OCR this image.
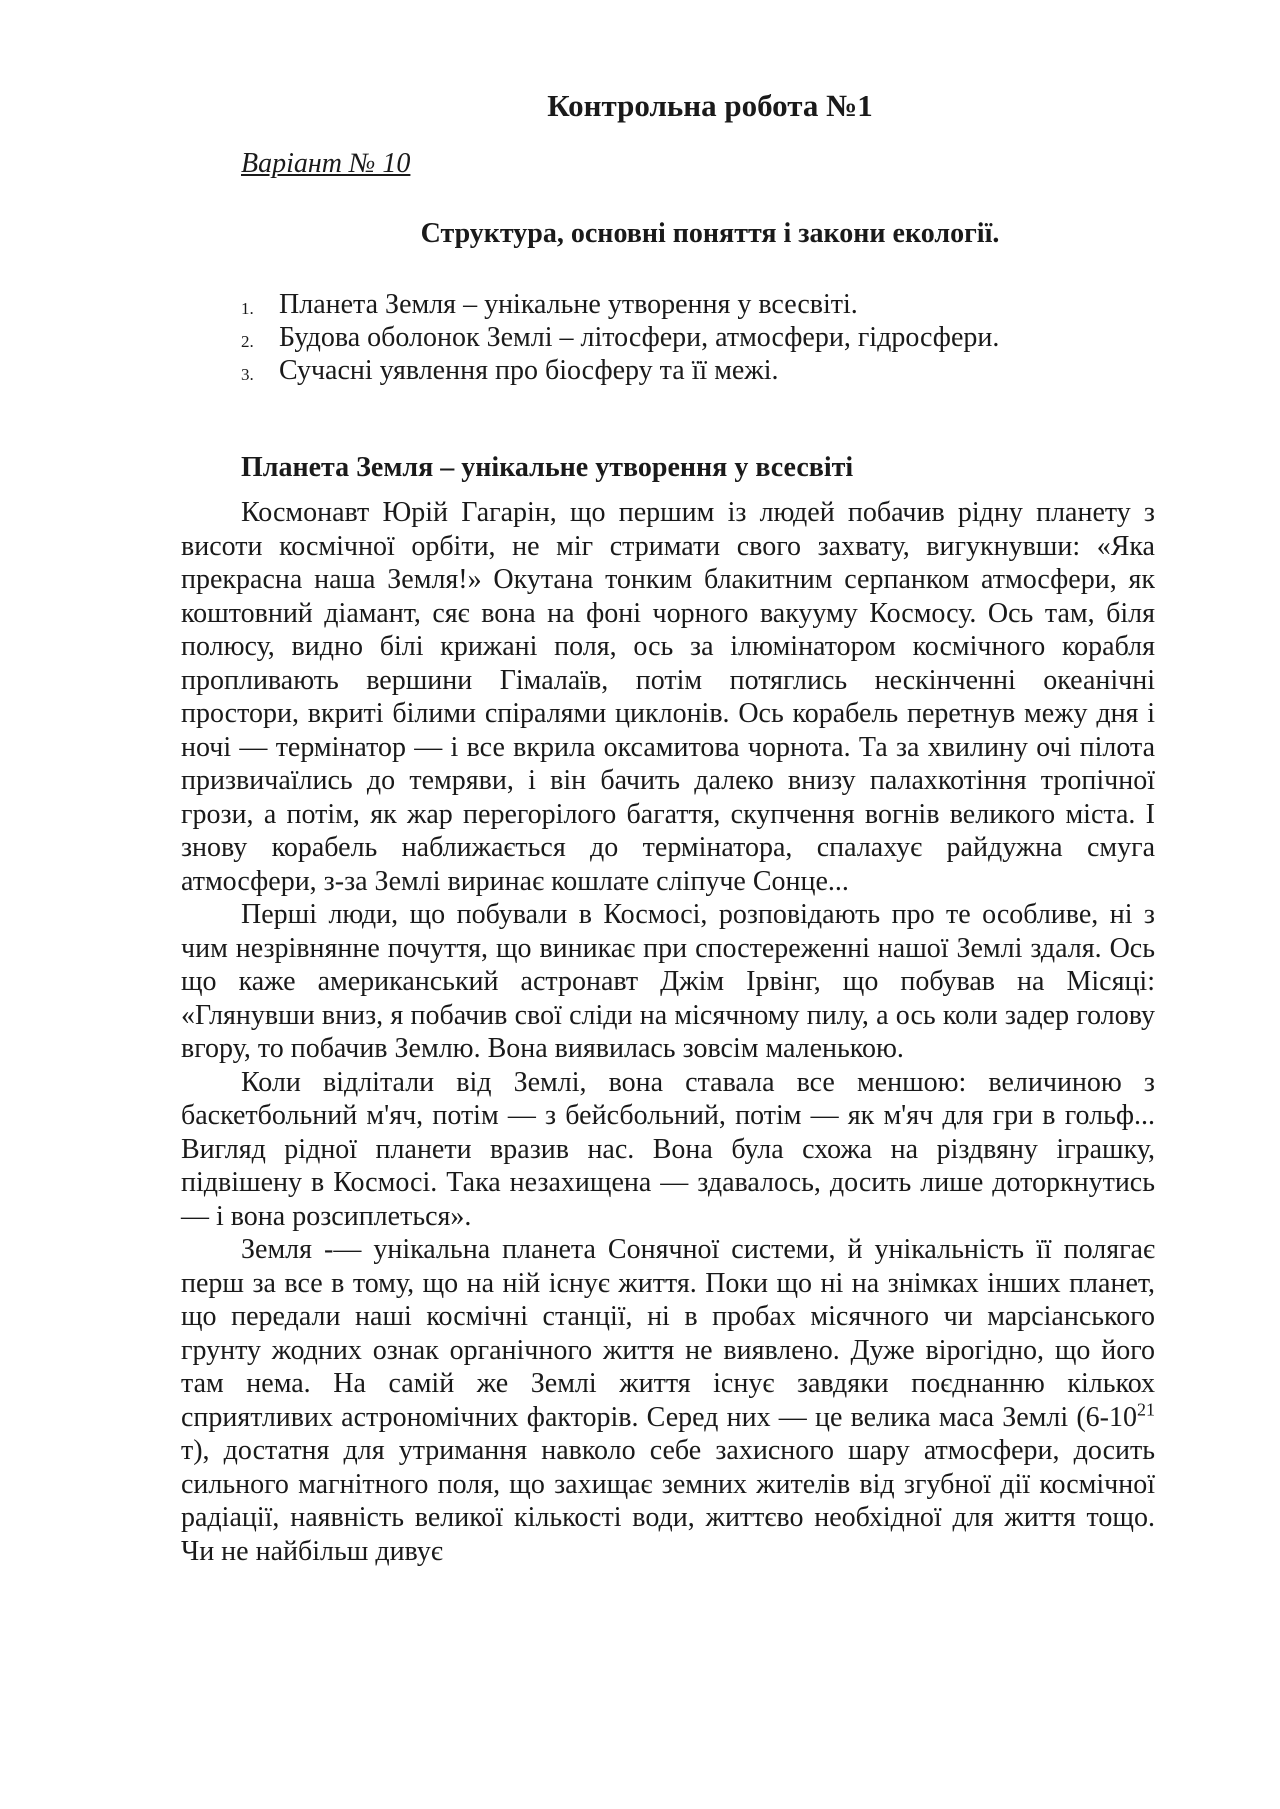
Контрольна робота №1
Варіант № 10
Структура, основні поняття і закони екології.
1. Планета Земля – унікальне утворення у всесвіті.
2. Будова оболонок Землі – літосфери, атмосфери, гідросфери.
3. Сучасні уявлення про біосферу та її межі.
Планета Земля – унікальне утворення у всесвіті

Космонавт Юрій Гагарін, що першим із людей побачив рідну планету з висоти космічної орбіти, не міг стримати свого захвату, вигукнувши: «Яка прекрасна наша Земля!» Окутана тонким блакитним серпанком атмосфери, як коштовний діамант, сяє вона на фоні чорного вакууму Космосу. Ось там, біля полюсу, видно білі крижані поля, ось за ілюмінатором космічного корабля пропливають вершини Гімалаїв, потім потяглись нескінченні океанічні простори, вкриті білими спіралями циклонів. Ось корабель перетнув межу дня і ночі — термінатор — і все вкрила оксамитова чорнота. Та за хвилину очі пілота призвичаїлись до темряви, і він бачить далеко внизу палахкотіння тропічної грози, а потім, як жар перегорілого багаття, скупчення вогнів великого міста. І знову корабель наближається до термінатора, спалахує райдужна смуга атмосфери, з-за Землі виринає кошлате сліпуче Сонце...

Перші люди, що побували в Космосі, розповідають про те особливе, ні з чим незрівнянне почуття, що виникає при спостереженні нашої Землі здаля. Ось що каже американський астронавт Джім Ірвінг, що побував на Місяці: «Глянувши вниз, я побачив свої сліди на місячному пилу, а ось коли задер голову вгору, то побачив Землю. Вона виявилась зовсім маленькою.

Коли відлітали від Землі, вона ставала все меншою: величиною з баскетбольний м'яч, потім — з бейсбольний, потім — як м'яч для гри в гольф... Вигляд рідної планети вразив нас. Вона була схожа на різдвяну іграшку, підвішену в Космосі. Така незахищена — здавалось, досить лише доторкнутись — і вона розсиплеться».

Земля -— унікальна планета Сонячної системи, й унікальність її полягає перш за все в тому, що на ній існує життя. Поки що ні на знімках інших планет, що передали наші космічні станції, ні в пробах місячного чи марсіанського грунту жодних ознак органічного життя не виявлено. Дуже вірогідно, що його там нема. На самій же Землі життя існує завдяки поєднанню кількох сприятливих астрономічних факторів. Серед них — це велика маса Землі ($6-10^{21}$ т), достатня для утримання навколо себе захисного шару атмосфери, досить сильного магнітного поля, що захищає земних жителів від згубної дії космічної радіації, наявність великої кількості води, життєво необхідної для життя тощо. Чи не найбільш дивує
